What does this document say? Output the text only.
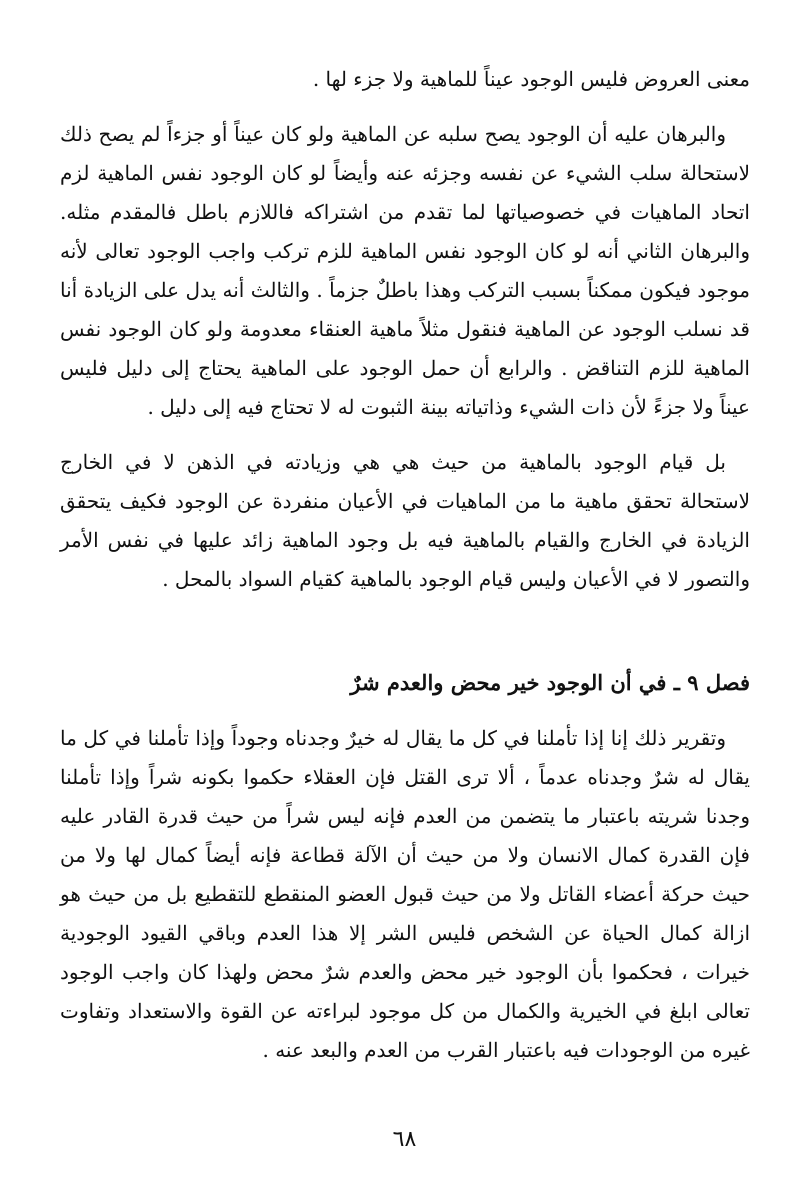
معنى العروض فليس الوجود عيناً للماهية ولا جزء لها .

والبرهان عليه أن الوجود يصح سلبه عن الماهية ولو كان عيناً أو جزءاً لم يصح ذلك لاستحالة سلب الشيء عن نفسه وجزئه عنه وأيضاً لو كان الوجود نفس الماهية لزم اتحاد الماهيات في خصوصياتها لما تقدم من اشتراكه فاللازم باطل فالمقدم مثله. والبرهان الثاني أنه لو كان الوجود نفس الماهية للزم تركب واجب الوجود تعالى لأنه موجود فيكون ممكناً بسبب التركب وهذا باطلٌ جزماً . والثالث أنه يدل على الزيادة أنا قد نسلب الوجود عن الماهية فنقول مثلاً ماهية العنقاء معدومة ولو كان الوجود نفس الماهية للزم التناقض . والرابع أن حمل الوجود على الماهية يحتاج إلى دليل فليس عيناً ولا جزءً لأن ذات الشيء وذاتياته بينة الثبوت له لا تحتاج فيه إلى دليل .

بل قيام الوجود بالماهية من حيث هي هي وزيادته في الذهن لا في الخارج لاستحالة تحقق ماهية ما من الماهيات في الأعيان منفردة عن الوجود فكيف يتحقق الزيادة في الخارج والقيام بالماهية فيه بل وجود الماهية زائد عليها في نفس الأمر والتصور لا في الأعيان وليس قيام الوجود بالماهية كقيام السواد بالمحل .

فصل ٩ ـ في أن الوجود خير محض والعدم شرٌ

وتقرير ذلك إنا إذا تأملنا في كل ما يقال له خيرٌ وجدناه وجوداً وإذا تأملنا في كل ما يقال له شرٌ وجدناه عدماً ، ألا ترى القتل فإن العقلاء حكموا بكونه شراً وإذا تأملنا وجدنا شريته باعتبار ما يتضمن من العدم فإنه ليس شراً من حيث قدرة القادر عليه فإن القدرة كمال الانسان ولا من حيث أن الآلة قطاعة فإنه أيضاً كمال لها ولا من حيث حركة أعضاء القاتل ولا من حيث قبول العضو المنقطع للتقطيع بل من حيث هو ازالة كمال الحياة عن الشخص فليس الشر إلا هذا العدم وباقي القيود الوجودية خيرات ، فحكموا بأن الوجود خير محض والعدم شرٌ محض ولهذا كان واجب الوجود تعالى ابلغ في الخيرية والكمال من كل موجود لبراءته عن القوة والاستعداد وتفاوت غيره من الوجودات فيه باعتبار القرب من العدم والبعد عنه .

٦٨
